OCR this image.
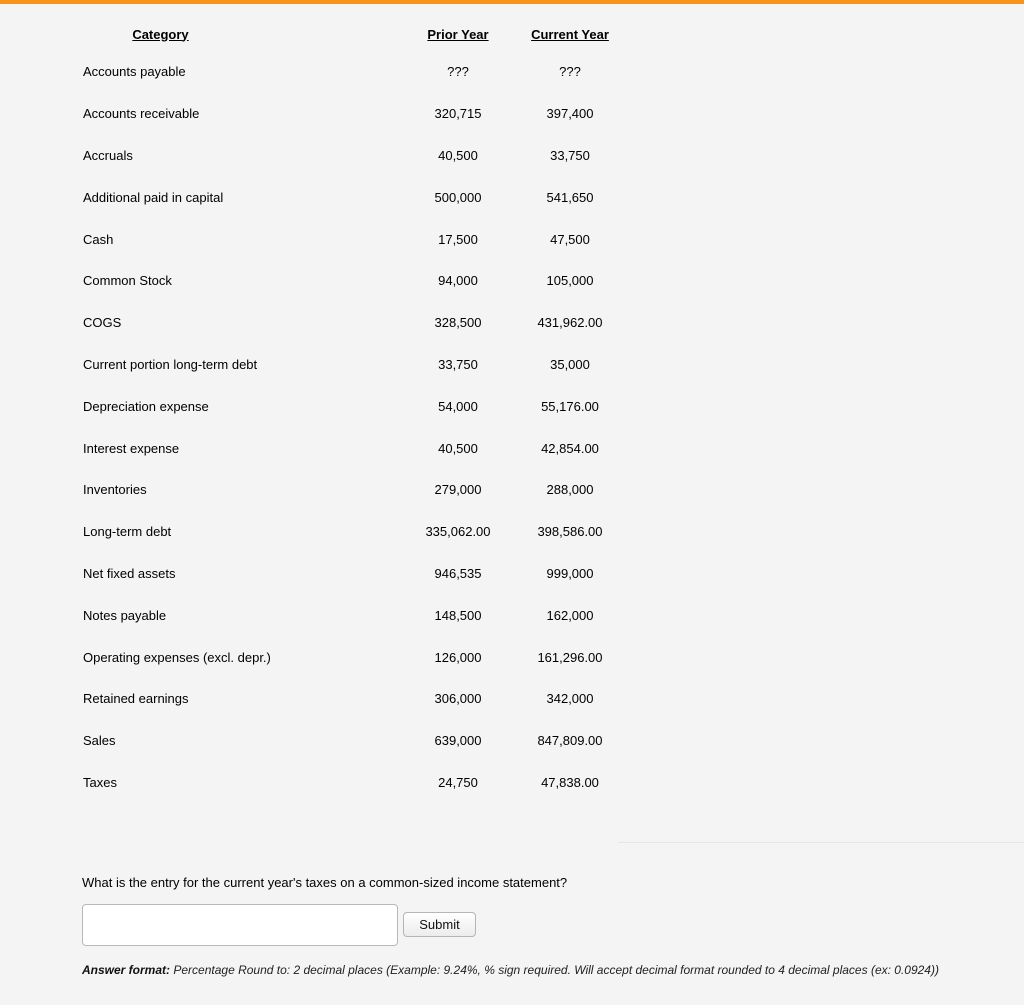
Category	Prior Year	Current Year
Accounts payable	???	???
Accounts receivable	320,715	397,400
Accruals	40,500	33,750
Additional paid in capital	500,000	541,650
Cash	17,500	47,500
Common Stock	94,000	105,000
COGS	328,500	431,962.00
Current portion long-term debt	33,750	35,000
Depreciation expense	54,000	55,176.00
Interest expense	40,500	42,854.00
Inventories	279,000	288,000
Long-term debt	335,062.00	398,586.00
Net fixed assets	946,535	999,000
Notes payable	148,500	162,000
Operating expenses (excl. depr.)	126,000	161,296.00
Retained earnings	306,000	342,000
Sales	639,000	847,809.00
Taxes	24,750	47,838.00

What is the entry for the current year's taxes on a common-sized income statement?

Submit

Answer format: Percentage Round to: 2 decimal places (Example: 9.24%, % sign required. Will accept decimal format rounded to 4 decimal places (ex: 0.0924))
